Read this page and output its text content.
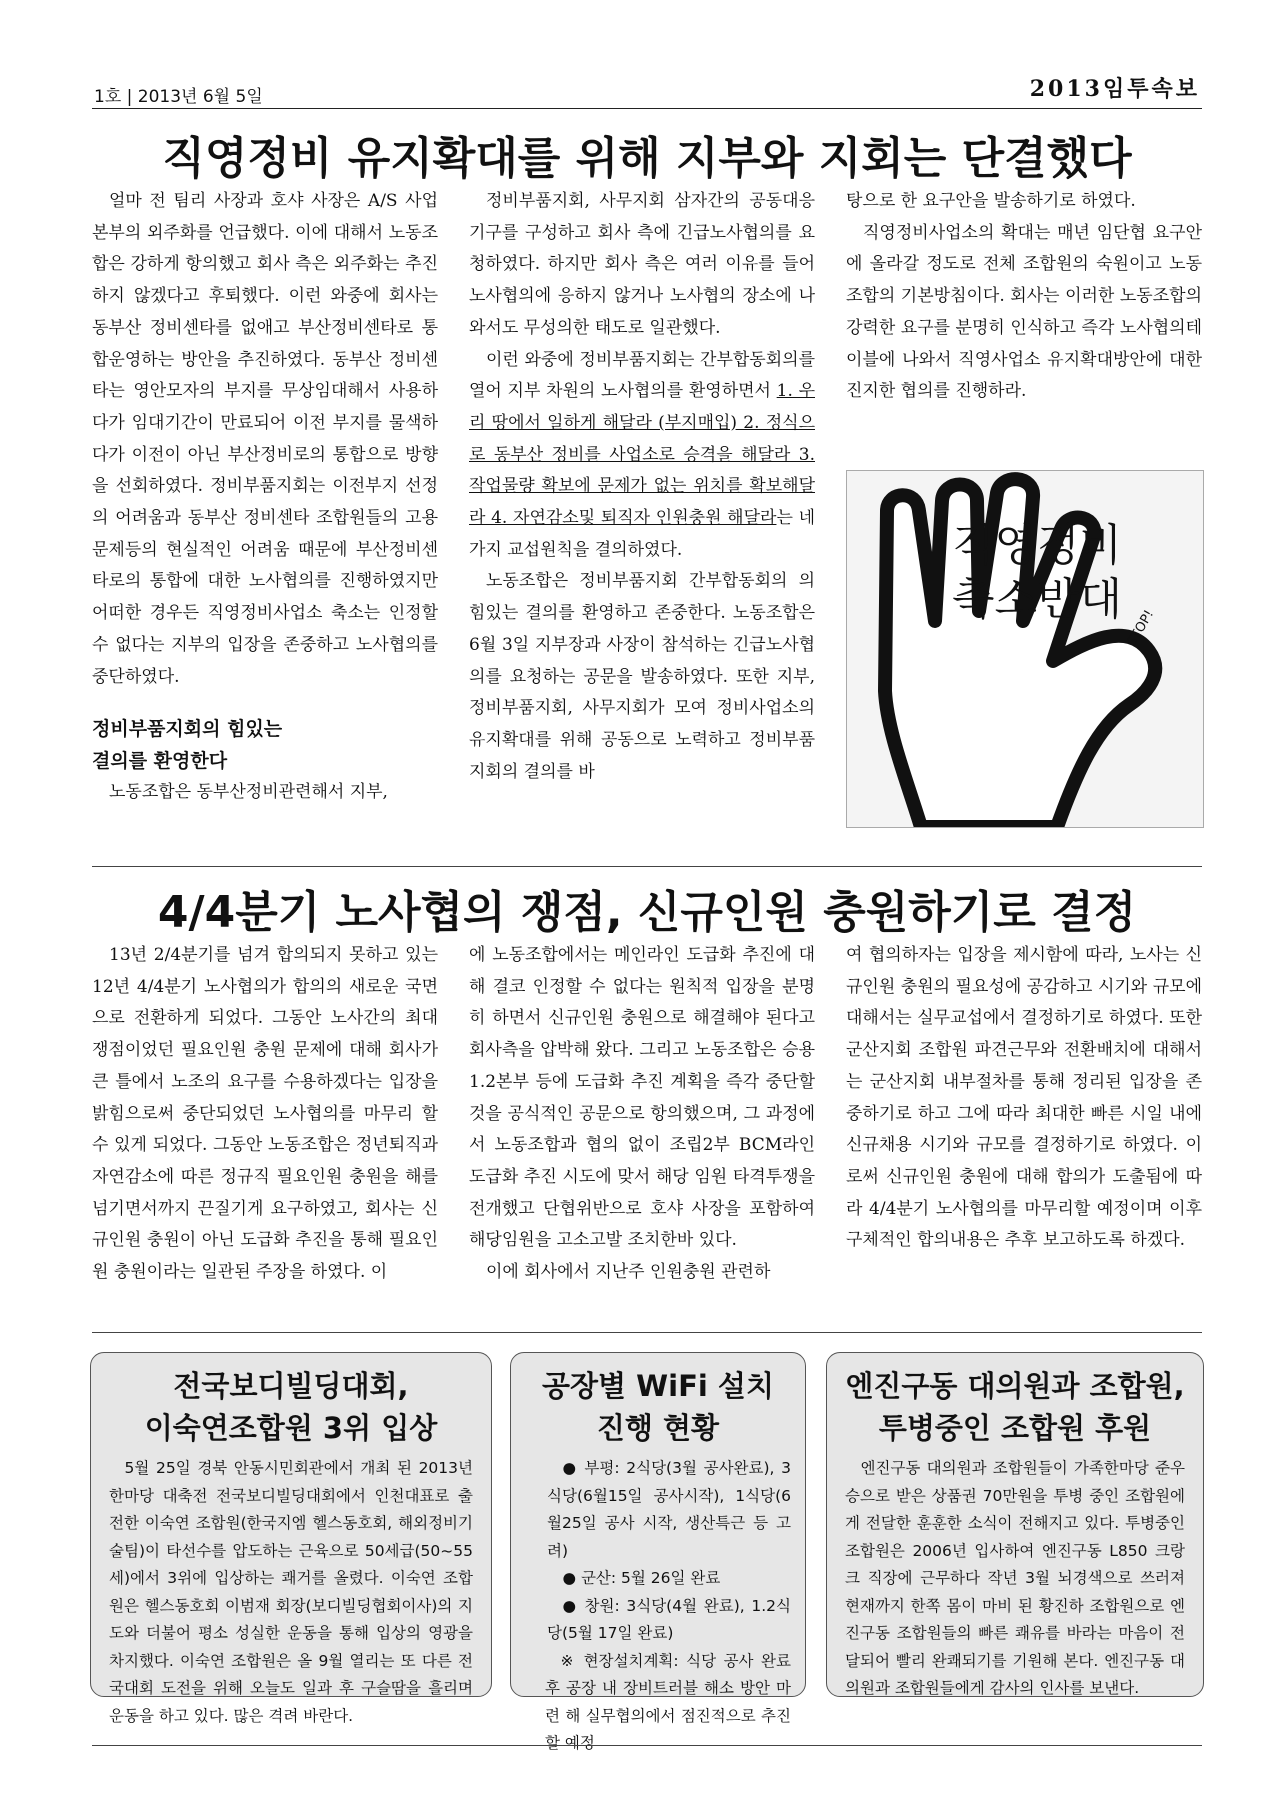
1호 | 2013년 6월 5일	2013임투속보
직영정비 유지확대를 위해 지부와 지회는 단결했다

얼마 전 팀리 사장과 호샤 사장은 A/S 사업본부의 외주화를 언급했다. 이에 대해서 노동조합은 강하게 항의했고 회사 측은 외주화는 추진하지 않겠다고 후퇴했다. 이런 와중에 회사는 동부산 정비센타를 없애고 부산정비센타로 통합운영하는 방안을 추진하였다. 동부산 정비센타는 영안모자의 부지를 무상임대해서 사용하다가 임대기간이 만료되어 이전 부지를 물색하다가 이전이 아닌 부산정비로의 통합으로 방향을 선회하였다. 정비부품지회는 이전부지 선정의 어려움과 동부산 정비센타 조합원들의 고용문제등의 현실적인 어려움 때문에 부산정비센타로의 통합에 대한 노사협의를 진행하였지만 어떠한 경우든 직영정비사업소 축소는 인정할 수 없다는 지부의 입장을 존중하고 노사협의를 중단하였다.

정비부품지회의 힘있는

결의를 환영한다

노동조합은 동부산정비관련해서 지부,

정비부품지회, 사무지회 삼자간의 공동대응기구를 구성하고 회사 측에 긴급노사협의를 요청하였다. 하지만 회사 측은 여러 이유를 들어 노사협의에 응하지 않거나 노사협의 장소에 나와서도 무성의한 태도로 일관했다.

이런 와중에 정비부품지회는 간부합동회의를 열어 지부 차원의 노사협의를 환영하면서 1. 우리 땅에서 일하게 해달라 (부지매입) 2. 정식으로 동부산 정비를 사업소로 승격을 해달라 3. 작업물량 확보에 문제가 없는 위치를 확보해달라 4. 자연감소및 퇴직자 인원충원 해달라는 네 가지 교섭원칙을 결의하였다.

노동조합은 정비부품지회 간부합동회의 의 힘있는 결의를 환영하고 존중한다. 노동조합은 6월 3일 지부장과 사장이 참석하는 긴급노사협의를 요청하는 공문을 발송하였다. 또한 지부, 정비부품지회, 사무지회가 모여 정비사업소의 유지확대를 위해 공동으로 노력하고 정비부품지회의 결의를 바

탕으로 한 요구안을 발송하기로 하였다.

직영정비사업소의 확대는 매년 임단협 요구안에 올라갈 정도로 전체 조합원의 숙원이고 노동조합의 기본방침이다. 회사는 이러한 노동조합의 강력한 요구를 분명히 인식하고 즉각 노사협의테이블에 나와서 직영사업소 유지확대방안에 대한 진지한 협의를 진행하라.

직영정비
축소반대
STOP!
4/4분기 노사협의 쟁점, 신규인원 충원하기로 결정

13년 2/4분기를 넘겨 합의되지 못하고 있는 12년 4/4분기 노사협의가 합의의 새로운 국면으로 전환하게 되었다. 그동안 노사간의 최대 쟁점이었던 필요인원 충원 문제에 대해 회사가 큰 틀에서 노조의 요구를 수용하겠다는 입장을 밝힘으로써 중단되었던 노사협의를 마무리 할 수 있게 되었다. 그동안 노동조합은 정년퇴직과 자연감소에 따른 정규직 필요인원 충원을 해를 넘기면서까지 끈질기게 요구하였고, 회사는 신규인원 충원이 아닌 도급화 추진을 통해 필요인원 충원이라는 일관된 주장을 하였다. 이

에 노동조합에서는 메인라인 도급화 추진에 대해 결코 인정할 수 없다는 원칙적 입장을 분명히 하면서 신규인원 충원으로 해결해야 된다고 회사측을 압박해 왔다. 그리고 노동조합은 승용1.2본부 등에 도급화 추진 계획을 즉각 중단할 것을 공식적인 공문으로 항의했으며, 그 과정에서 노동조합과 협의 없이 조립2부 BCM라인 도급화 추진 시도에 맞서 해당 임원 타격투쟁을 전개했고 단협위반으로 호샤 사장을 포함하여 해당임원을 고소고발 조치한바 있다.

이에 회사에서 지난주 인원충원 관련하

여 협의하자는 입장을 제시함에 따라, 노사는 신규인원 충원의 필요성에 공감하고 시기와 규모에 대해서는 실무교섭에서 결정하기로 하였다. 또한 군산지회 조합원 파견근무와 전환배치에 대해서는 군산지회 내부절차를 통해 정리된 입장을 존중하기로 하고 그에 따라 최대한 빠른 시일 내에 신규채용 시기와 규모를 결정하기로 하였다. 이로써 신규인원 충원에 대해 합의가 도출됨에 따라 4/4분기 노사협의를 마무리할 예정이며 이후 구체적인 합의내용은 추후 보고하도록 하겠다.

전국보디빌딩대회,
이숙연조합원 3위 입상

5월 25일 경북 안동시민회관에서 개최 된 2013년 한마당 대축전 전국보디빌딩대회에서 인천대표로 출전한 이숙연 조합원(한국지엠 헬스동호회, 해외정비기술팀)이 타선수를 압도하는 근육으로 50세급(50~55세)에서 3위에 입상하는 쾌거를 올렸다. 이숙연 조합원은 헬스동호회 이범재 회장(보디빌딩협회이사)의 지도와 더불어 평소 성실한 운동을 통해 입상의 영광을 차지했다. 이숙연 조합원은 올 9월 열리는 또 다른 전국대회 도전을 위해 오늘도 일과 후 구슬땀을 흘리며 운동을 하고 있다. 많은 격려 바란다.

공장별 WiFi 설치
진행 현황

● 부평: 2식당(3월 공사완료), 3식당(6월15일 공사시작), 1식당(6월25일 공사 시작, 생산특근 등 고려)

● 군산: 5월 26일 완료

● 창원: 3식당(4월 완료), 1.2식당(5월 17일 완료)

※ 현장설치계획: 식당 공사 완료 후 공장 내 장비트러블 해소 방안 마련 해 실무협의에서 점진적으로 추진할 예정

엔진구동 대의원과 조합원,
투병중인 조합원 후원

엔진구동 대의원과 조합원들이 가족한마당 준우승으로 받은 상품권 70만원을 투병 중인 조합원에게 전달한 훈훈한 소식이 전해지고 있다. 투병중인 조합원은 2006년 입사하여 엔진구동 L850 크랑크 직장에 근무하다 작년 3월 뇌경색으로 쓰러져 현재까지 한쪽 몸이 마비 된 황진하 조합원으로 엔진구동 조합원들의 빠른 쾌유를 바라는 마음이 전달되어 빨리 완쾌되기를 기원해 본다. 엔진구동 대의원과 조합원들에게 감사의 인사를 보낸다.
